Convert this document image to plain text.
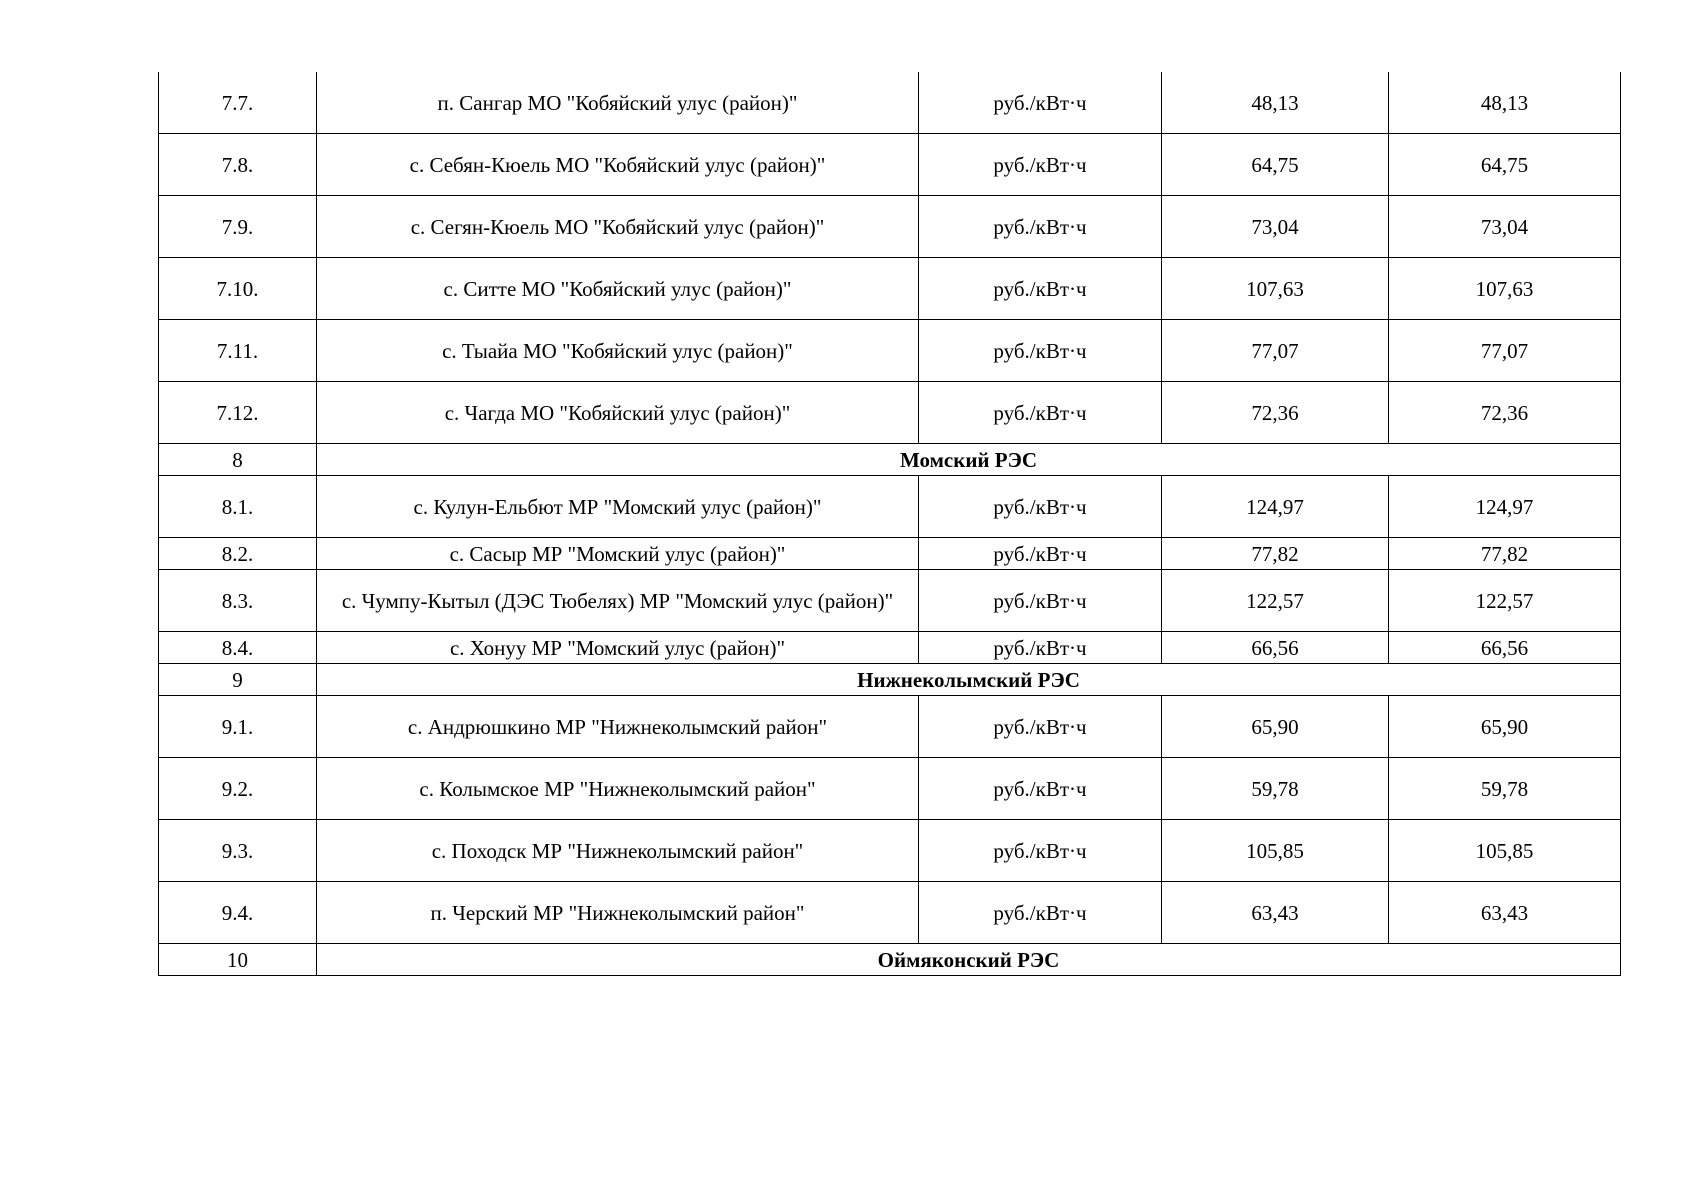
7.7.	п. Сангар МО "Кобяйский улус (район)"	руб./кВт·ч	48,13	48,13
7.8.	с. Себян-Кюель МО "Кобяйский улус (район)"	руб./кВт·ч	64,75	64,75
7.9.	с. Сегян-Кюель МО "Кобяйский улус (район)"	руб./кВт·ч	73,04	73,04
7.10.	с. Ситте МО "Кобяйский улус (район)"	руб./кВт·ч	107,63	107,63
7.11.	с. Тыайа МО "Кобяйский улус (район)"	руб./кВт·ч	77,07	77,07
7.12.	с. Чагда МО "Кобяйский улус (район)"	руб./кВт·ч	72,36	72,36
8	Момский РЭС			
8.1.	с. Кулун-Ельбют МР "Момский улус (район)"	руб./кВт·ч	124,97	124,97
8.2.	с. Сасыр МР "Момский улус (район)"	руб./кВт·ч	77,82	77,82
8.3.	с. Чумпу-Кытыл (ДЭС Тюбелях) МР "Момский улус (район)"	руб./кВт·ч	122,57	122,57
8.4.	с. Хонуу МР "Момский улус (район)"	руб./кВт·ч	66,56	66,56
9	Нижнеколымский РЭС			
9.1.	с. Андрюшкино МР "Нижнеколымский район"	руб./кВт·ч	65,90	65,90
9.2.	с. Колымское МР "Нижнеколымский район"	руб./кВт·ч	59,78	59,78
9.3.	с. Походск МР "Нижнеколымский район"	руб./кВт·ч	105,85	105,85
9.4.	п. Черский МР "Нижнеколымский район"	руб./кВт·ч	63,43	63,43
10	Оймяконский РЭС			
